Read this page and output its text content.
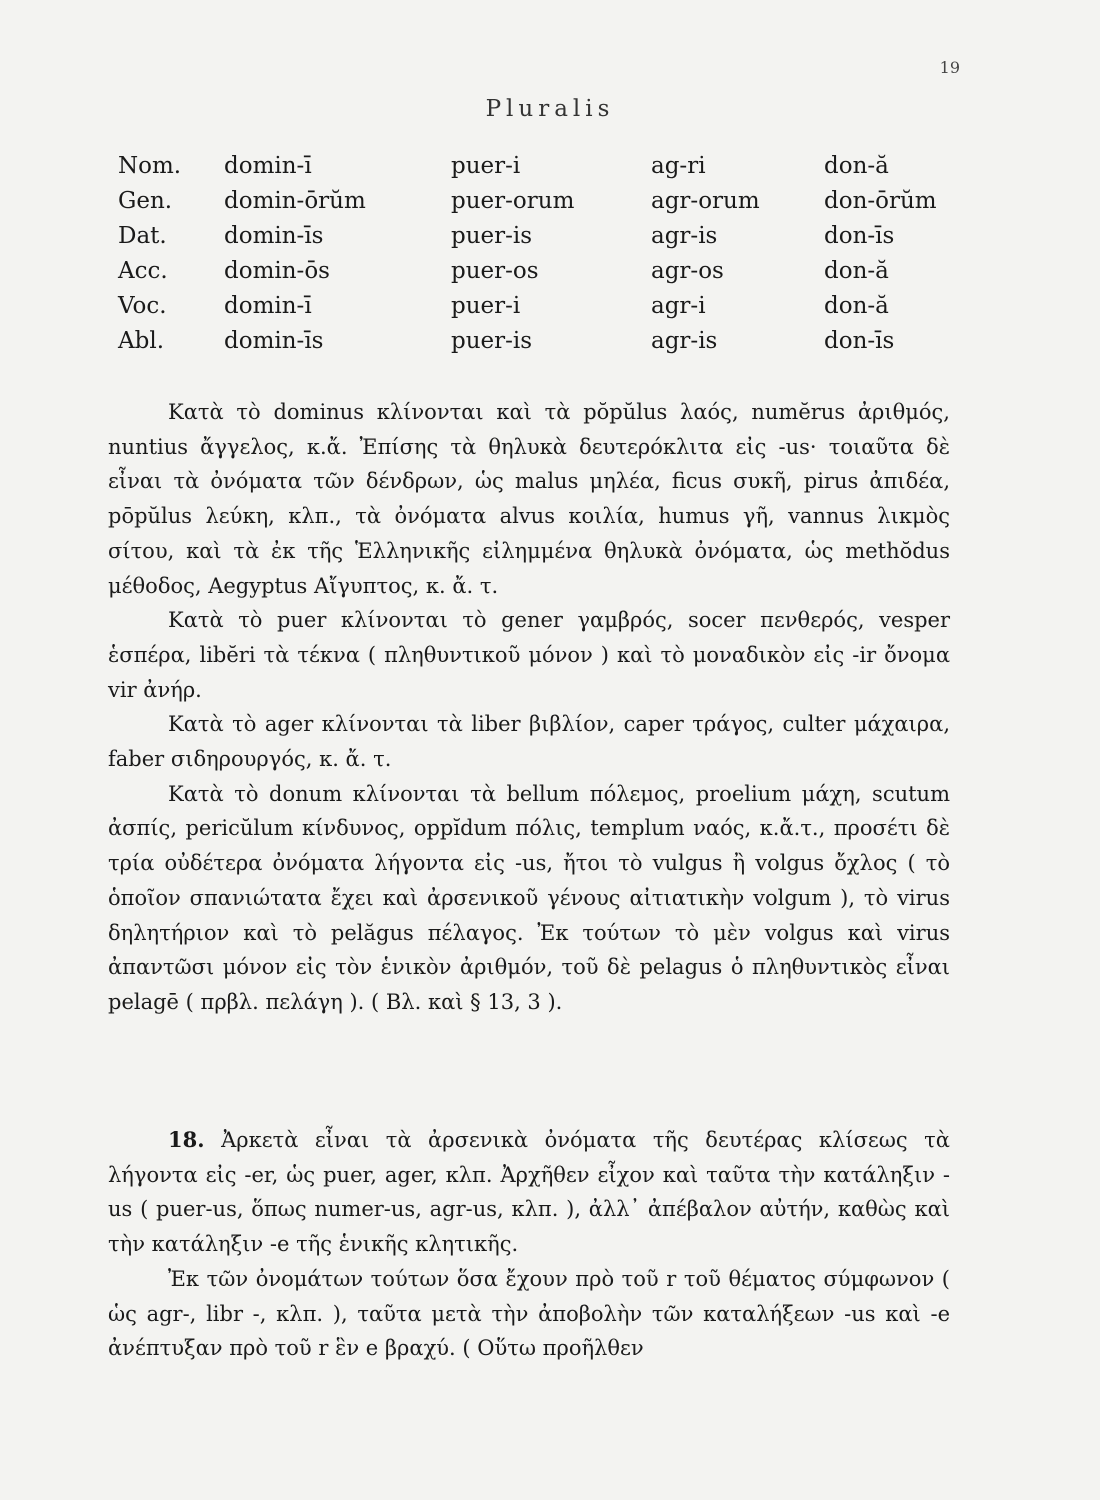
19
Pluralis
Nom.	domin-ī	puer-i	ag-ri	don-ă
Gen.	domin-ōrŭm	puer-orum	agr-orum	don-ōrŭm
Dat.	domin-īs	puer-is	agr-is	don-īs
Acc.	domin-ōs	puer-os	agr-os	don-ă
Voc.	domin-ī	puer-i	agr-i	don-ă
Abl.	domin-īs	puer-is	agr-is	don-īs

Κατὰ τὸ dominus κλίνονται καὶ τὰ pŏpŭlus λαός, numĕrus ἀριθμός, nuntius ἄγγελος, κ.ἄ. Ἐπίσης τὰ θηλυκὰ δευτερόκλιτα εἰς -us· τοιαῦτα δὲ εἶναι τὰ ὀνόματα τῶν δένδρων, ὡς malus μηλέα, ficus συκῆ, pirus ἀπιδέα, pōpŭlus λεύκη, κλπ., τὰ ὀνόματα alvus κοιλία, humus γῆ, vannus λικμὸς σίτου, καὶ τὰ ἐκ τῆς Ἑλληνικῆς εἰλημμένα θηλυκὰ ὀνόματα, ὡς methŏdus μέθοδος, Aegyptus Αἴγυπτος, κ. ἄ. τ.

Κατὰ τὸ puer κλίνονται τὸ gener γαμβρός, socer πενθερός, vesper ἑσπέρα, libĕri τὰ τέκνα ( πληθυντικοῦ μόνον ) καὶ τὸ μοναδικὸν εἰς -ir ὄνομα vir ἀνήρ.

Κατὰ τὸ ager κλίνονται τὰ liber βιβλίον, caper τράγος, culter μάχαιρα, faber σιδηρουργός, κ. ἄ. τ.

Κατὰ τὸ donum κλίνονται τὰ bellum πόλεμος, proelium μάχη, scutum ἀσπίς, pericŭlum κίνδυνος, oppĭdum πόλις, templum ναός, κ.ἄ.τ., προσέτι δὲ τρία οὐδέτερα ὀνόματα λήγοντα εἰς -us, ἤτοι τὸ vulgus ἢ volgus ὄχλος ( τὸ ὁποῖον σπανιώτατα ἔχει καὶ ἀρσενικοῦ γένους αἰτιατικὴν volgum ), τὸ virus δηλητήριον καὶ τὸ pelăgus πέλαγος. Ἐκ τούτων τὸ μὲν volgus καὶ virus ἀπαντῶσι μόνον εἰς τὸν ἑνικὸν ἀριθμόν, τοῦ δὲ pelagus ὁ πληθυντικὸς εἶναι pelagē ( πρβλ. πελάγη ). ( Βλ. καὶ § 13, 3 ).

18. Ἀρκετὰ εἶναι τὰ ἀρσενικὰ ὀνόματα τῆς δευτέρας κλίσεως τὰ λήγοντα εἰς -er, ὡς puer, ager, κλπ. Ἀρχῆθεν εἶχον καὶ ταῦτα τὴν κατάληξιν -us ( puer-us, ὅπως numer-us, agr-us, κλπ. ), ἀλλ᾽ ἀπέβαλον αὐτήν, καθὼς καὶ τὴν κατάληξιν -e τῆς ἑνικῆς κλητικῆς.

Ἐκ τῶν ὀνομάτων τούτων ὅσα ἔχουν πρὸ τοῦ r τοῦ θέματος σύμφωνον ( ὡς agr-, libr -, κλπ. ), ταῦτα μετὰ τὴν ἀποβολὴν τῶν καταλήξεων -us καὶ -e ἀνέπτυξαν πρὸ τοῦ r ἓν e βραχύ. ( Οὕτω προῆλθεν
